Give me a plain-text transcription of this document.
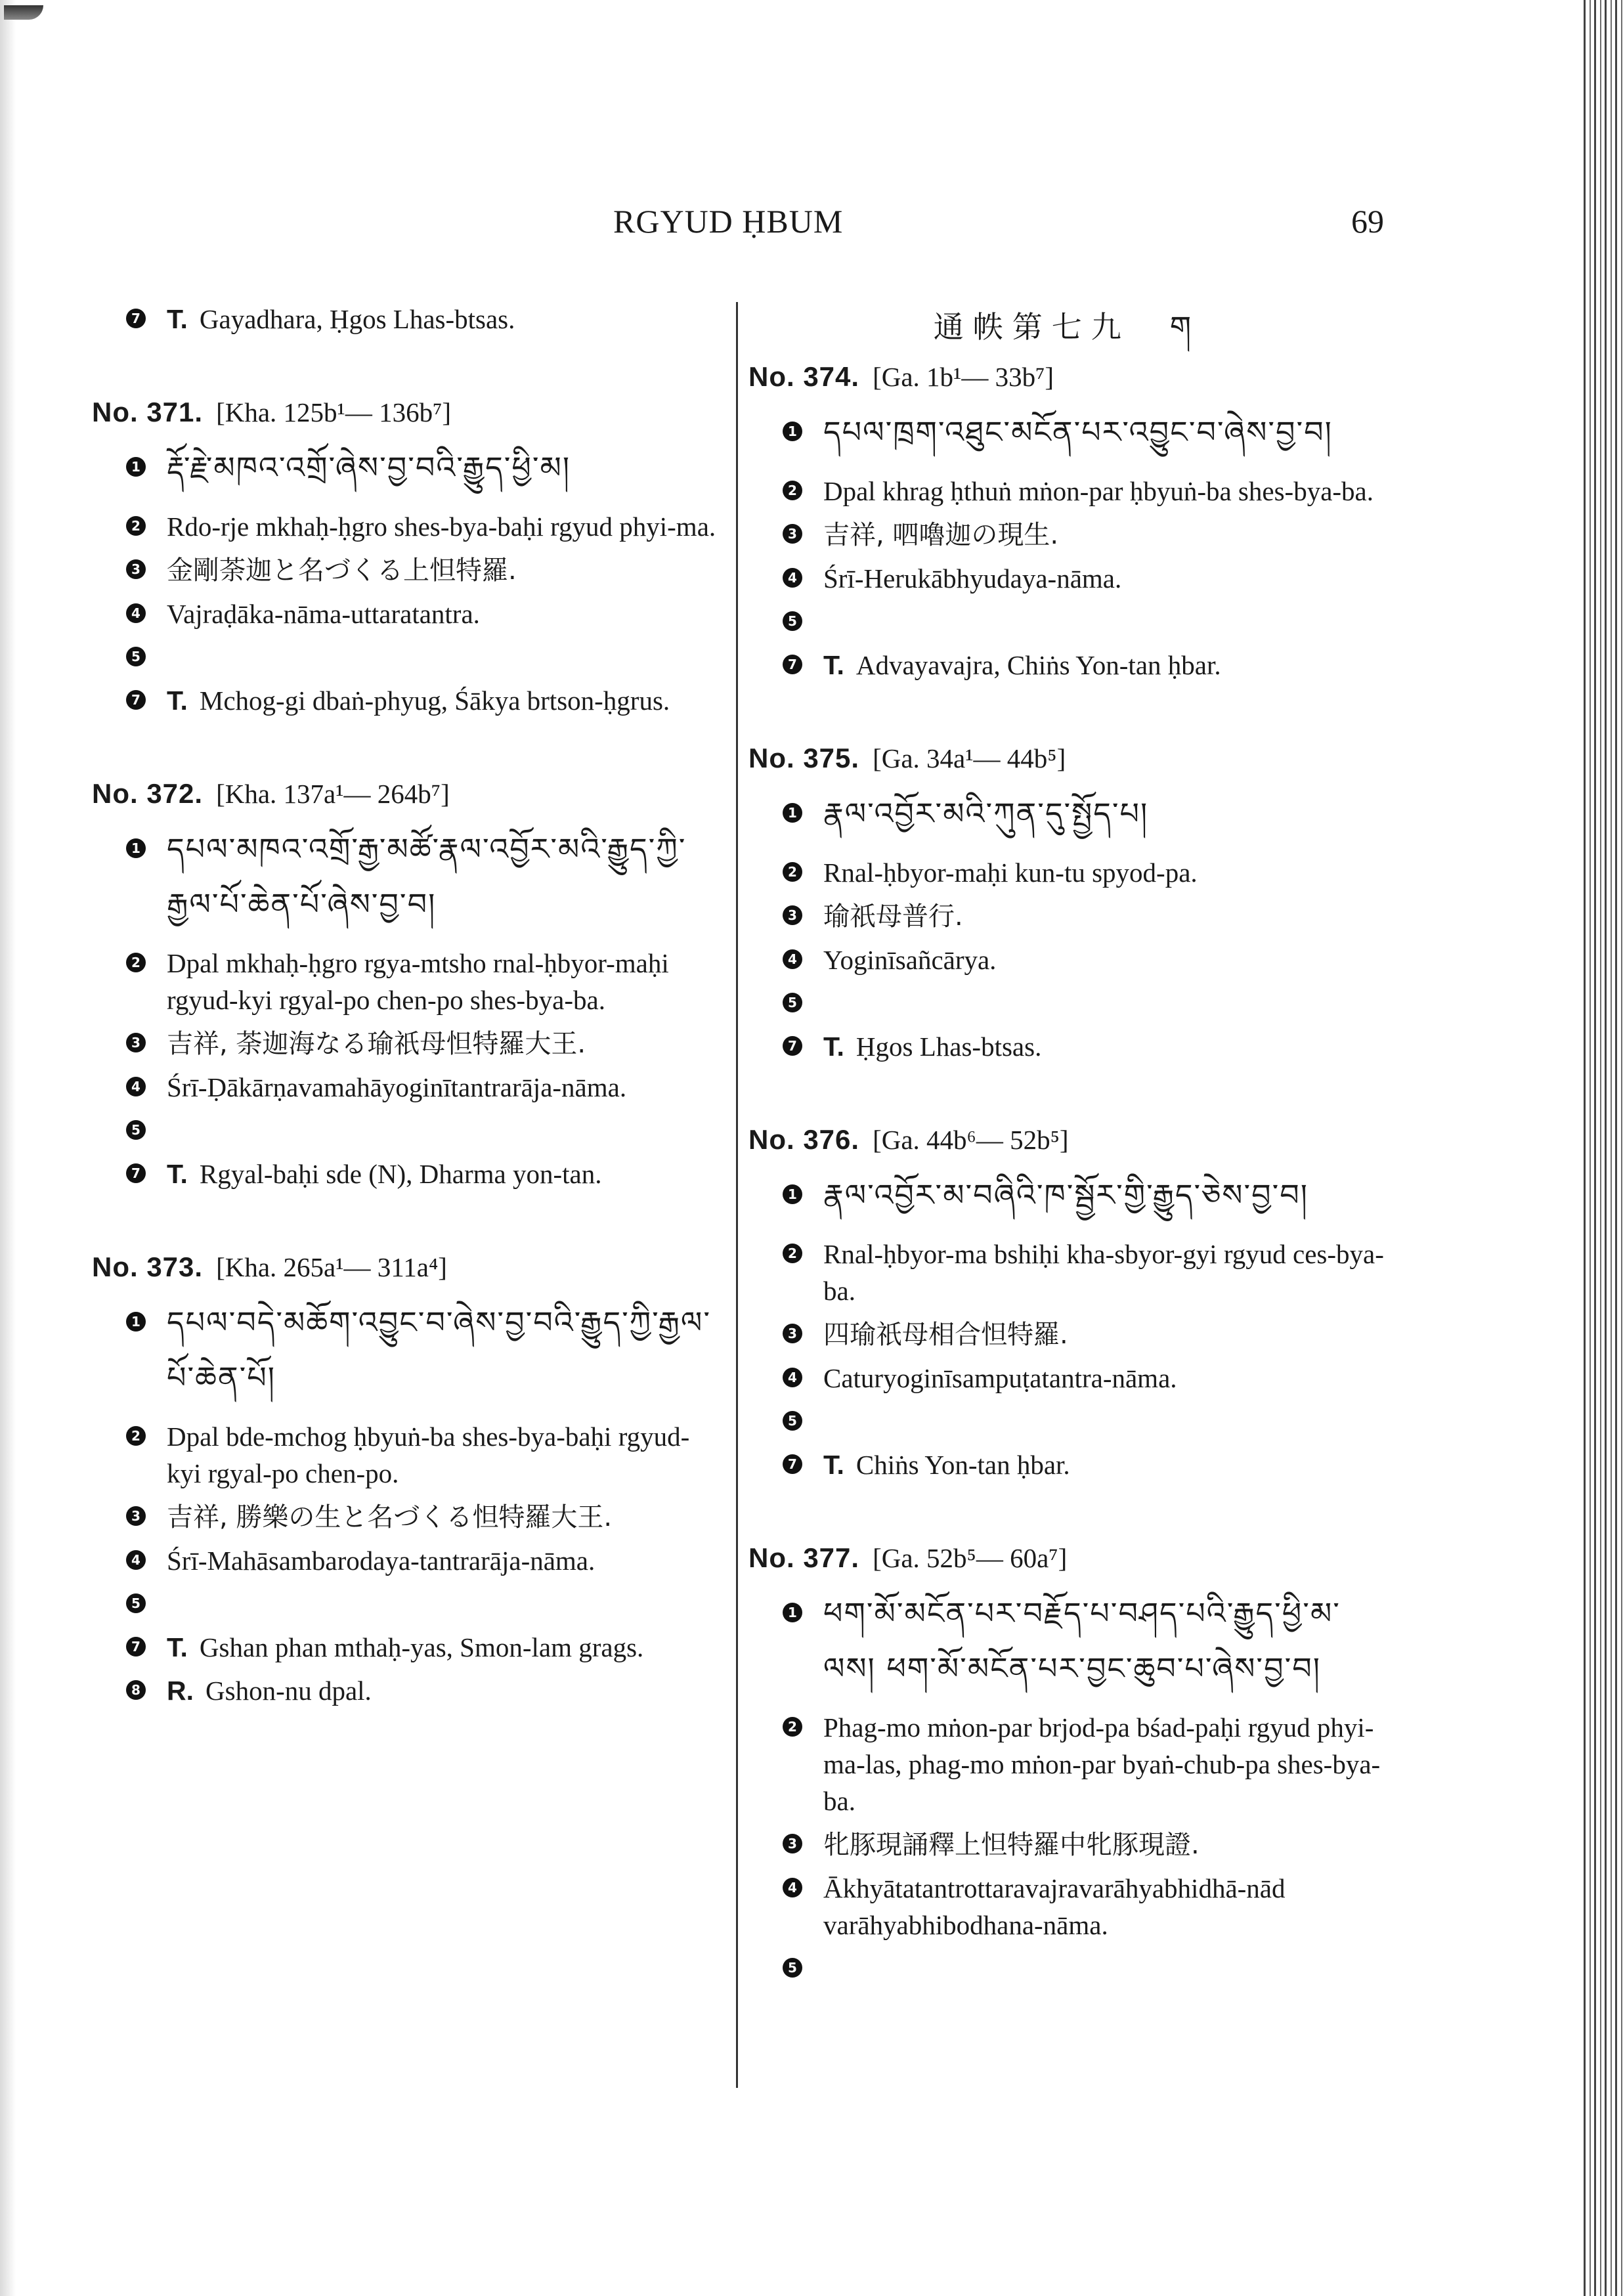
RGYUD ḤBUM	69
7 T. Gayadhara, Ḥgos Lhas-btsas.
No. 371. [Kha. 125b¹— 136b⁷]
1 རྡོ་རྗེ་མཁའ་འགྲོ་ཞེས་བྱ་བའི་རྒྱུད་ཕྱི་མ།
2 Rdo-rje mkhaḥ-ḥgro shes-bya-baḥi rgyud phyi-ma.
3 金剛荼迦と名づくる上怛特羅.
4 Vajraḍāka-nāma-uttaratantra.
5
7 T. Mchog-gi dbaṅ-phyug, Śākya brtson-ḥgrus.
No. 372. [Kha. 137a¹— 264b⁷]
1 དཔལ་མཁའ་འགྲོ་རྒྱ་མཚོ་རྣལ་འབྱོར་མའི་རྒྱུད་ཀྱི་རྒྱལ་པོ་ཆེན་པོ་ཞེས་བྱ་བ།
2 Dpal mkhaḥ-ḥgro rgya-mtsho rnal-ḥbyor-maḥi rgyud-kyi rgyal-po chen-po shes-bya-ba.
3 吉祥, 荼迦海なる瑜祇母怛特羅大王.
4 Śrī-Ḍākārṇavamahāyoginītantrarāja-nāma.
5
7 T. Rgyal-baḥi sde (N), Dharma yon-tan.
No. 373. [Kha. 265a¹— 311a⁴]
1 དཔལ་བདེ་མཆོག་འབྱུང་བ་ཞེས་བྱ་བའི་རྒྱུད་ཀྱི་རྒྱལ་པོ་ཆེན་པོ།
2 Dpal bde-mchog ḥbyuṅ-ba shes-bya-baḥi rgyud-kyi rgyal-po chen-po.
3 吉祥, 勝樂の生と名づくる怛特羅大王.
4 Śrī-Mahāsambarodaya-tantrarāja-nāma.
5
7 T. Gshan phan mthaḥ-yas, Smon-lam grags.
8 R. Gshon-nu dpal.
通帙第七九　ག
No. 374. [Ga. 1b¹— 33b⁷]
1 དཔལ་ཁྲག་འཐུང་མངོན་པར་འབྱུང་བ་ཞེས་བྱ་བ།
2 Dpal khrag ḥthuṅ mṅon-par ḥbyuṅ-ba shes-bya-ba.
3 吉祥, 呬嚕迦の現生.
4 Śrī-Herukābhyudaya-nāma.
5
7 T. Advayavajra, Chiṅs Yon-tan ḥbar.
No. 375. [Ga. 34a¹— 44b⁵]
1 རྣལ་འབྱོར་མའི་ཀུན་དུ་སྤྱོད་པ།
2 Rnal-ḥbyor-maḥi kun-tu spyod-pa.
3 瑜祇母普行.
4 Yoginīsañcārya.
5
7 T. Ḥgos Lhas-btsas.
No. 376. [Ga. 44b⁶— 52b⁵]
1 རྣལ་འབྱོར་མ་བཞིའི་ཁ་སྦྱོར་གྱི་རྒྱུད་ཅེས་བྱ་བ།
2 Rnal-ḥbyor-ma bshiḥi kha-sbyor-gyi rgyud ces-bya-ba.
3 四瑜祇母相合怛特羅.
4 Caturyoginīsampuṭatantra-nāma.
5
7 T. Chiṅs Yon-tan ḥbar.
No. 377. [Ga. 52b⁵— 60a⁷]
1 ཕག་མོ་མངོན་པར་བརྗོད་པ་བཤད་པའི་རྒྱུད་ཕྱི་མ་ལས། ཕག་མོ་མངོན་པར་བྱང་ཆུབ་པ་ཞེས་བྱ་བ།
2 Phag-mo mṅon-par brjod-pa bśad-paḥi rgyud phyi-ma-las, phag-mo mṅon-par byaṅ-chub-pa shes-bya-ba.
3 牝豚現誦釋上怛特羅中牝豚現證.
4 Ākhyātatantrottaravajravarāhyabhidhā-nād varāhyabhibodhana-nāma.
5
